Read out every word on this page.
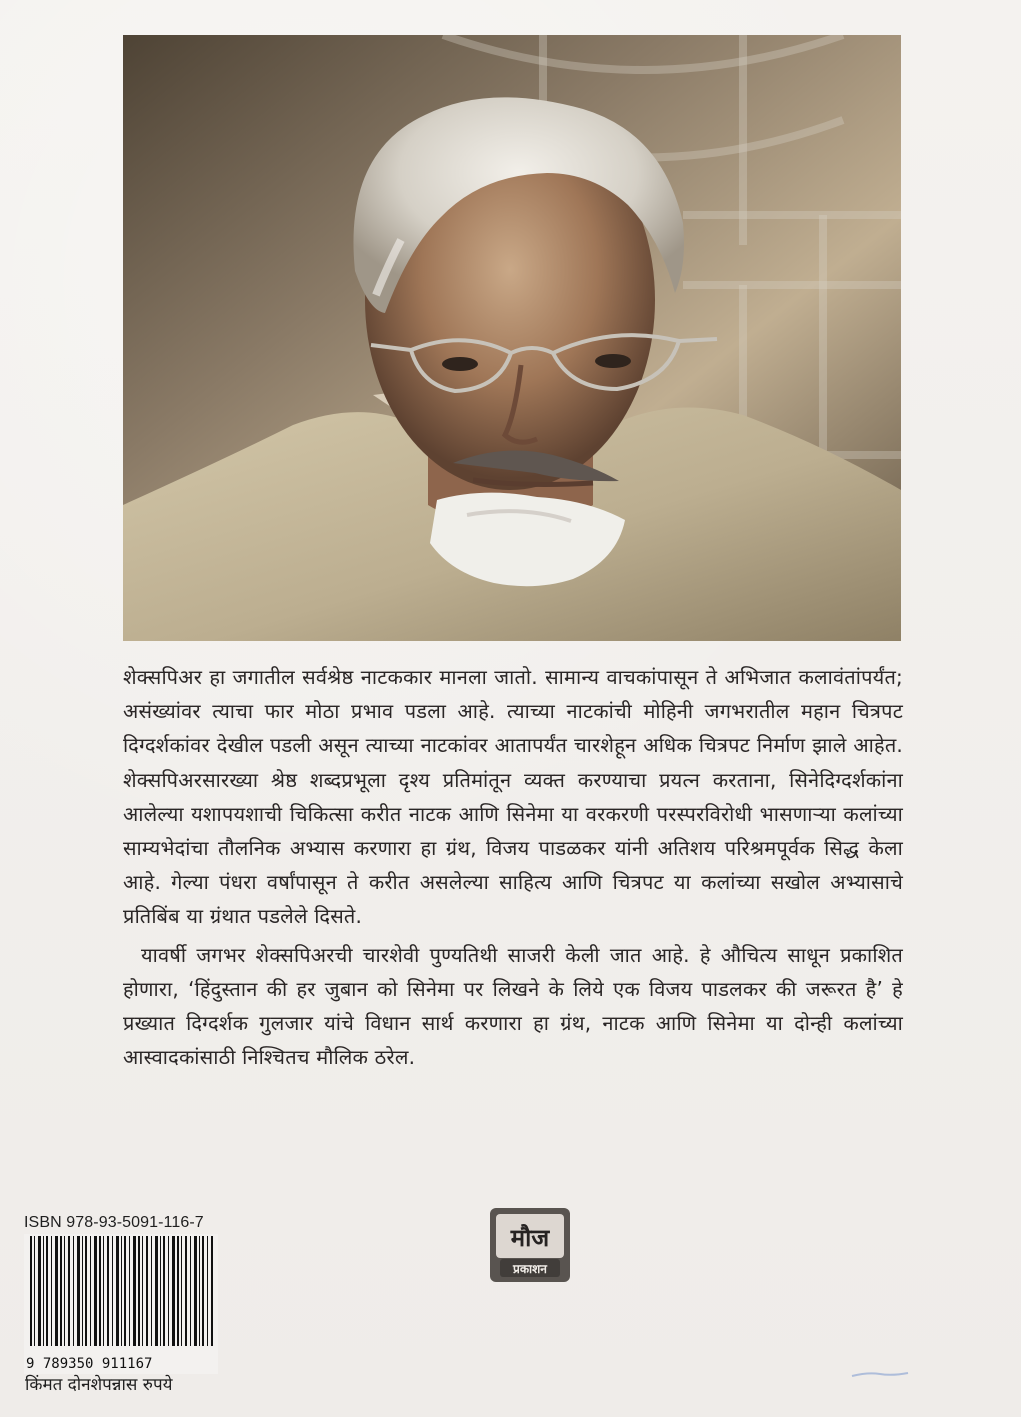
शेक्सपिअर हा जगातील सर्वश्रेष्ठ नाटककार मानला जातो. सामान्य वाचकांपासून ते अभिजात कलावंतांपर्यंत; असंख्यांवर त्याचा फार मोठा प्रभाव पडला आहे. त्याच्या नाटकांची मोहिनी जगभरातील महान चित्रपट दिग्दर्शकांवर देखील पडली असून त्याच्या नाटकांवर आतापर्यंत चारशेहून अधिक चित्रपट निर्माण झाले आहेत. शेक्सपिअरसारख्या श्रेष्ठ शब्दप्रभूला दृश्य प्रतिमांतून व्यक्त करण्याचा प्रयत्न करताना, सिनेदिग्दर्शकांना आलेल्या यशापयशाची चिकित्सा करीत नाटक आणि सिनेमा या वरकरणी परस्परविरोधी भासणाऱ्या कलांच्या साम्यभेदांचा तौलनिक अभ्यास करणारा हा ग्रंथ, विजय पाडळकर यांनी अतिशय परिश्रमपूर्वक सिद्ध केला आहे. गेल्या पंधरा वर्षांपासून ते करीत असलेल्या साहित्य आणि चित्रपट या कलांच्या सखोल अभ्यासाचे प्रतिबिंब या ग्रंथात पडलेले दिसते.

यावर्षी जगभर शेक्सपिअरची चारशेवी पुण्यतिथी साजरी केली जात आहे. हे औचित्य साधून प्रकाशित होणारा, ‘हिंदुस्तान की हर जुबान को सिनेमा पर लिखने के लिये एक विजय पाडलकर की जरूरत है’ हे प्रख्यात दिग्दर्शक गुलजार यांचे विधान सार्थ करणारा हा ग्रंथ, नाटक आणि सिनेमा या दोन्ही कलांच्या आस्वादकांसाठी निश्चितच मौलिक ठरेल.

ISBN 978-93-5091-116-7
9 789350 911167
किंमत दोनशेपन्नास रुपये
मौज
प्रकाशन
